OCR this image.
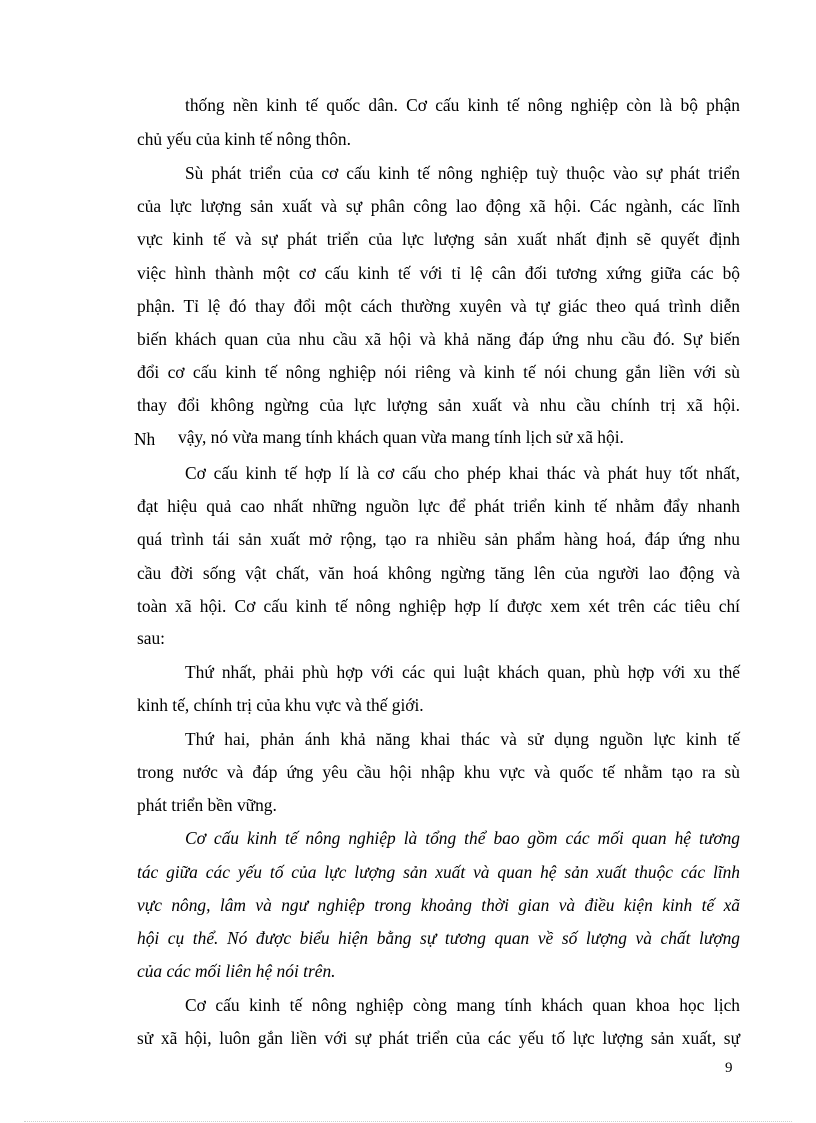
thống nền kinh tế quốc dân. Cơ cấu kinh tế nông nghiệp còn là bộ phận
chủ yếu của kinh tế nông thôn.
Sù phát triển của cơ cấu kinh tế nông nghiệp tuỳ thuộc vào sự phát triển
của lực lượng sản xuất và sự phân công lao động xã hội. Các ngành, các lĩnh
vực kinh tế và sự phát triển của lực lượng sản xuất nhất định sẽ quyết định
việc hình thành một cơ cấu kinh tế với tỉ lệ cân đối tương xứng giữa các bộ
phận. Tỉ lệ đó thay đổi một cách thường xuyên và tự giác theo quá trình diễn
biến khách quan của nhu cầu xã hội và khả năng đáp ứng nhu cầu đó. Sự biến
đổi cơ cấu kinh tế nông nghiệp nói riêng và kinh tế nói chung gắn liền với sù
thay đổi không ngừng của lực lượng sản xuất và nhu cầu chính trị xã hội.
Nh vậy, nó vừa mang tính khách quan vừa mang tính lịch sử xã hội.
Cơ cấu kinh tế hợp lí là cơ cấu cho phép khai thác và phát huy tốt nhất,
đạt hiệu quả cao nhất những nguồn lực để phát triển kinh tế nhằm đẩy nhanh
quá trình tái sản xuất mở rộng, tạo ra nhiều sản phẩm hàng hoá, đáp ứng nhu
cầu đời sống vật chất, văn hoá không ngừng tăng lên của người lao động và
toàn xã hội. Cơ cấu kinh tế nông nghiệp hợp lí được xem xét trên các tiêu chí
sau:
Thứ nhất, phải phù hợp với các qui luật khách quan, phù hợp với xu thế
kinh tế, chính trị của khu vực và thế giới.
Thứ hai, phản ánh khả năng khai thác và sử dụng nguồn lực kinh tế
trong nước và đáp ứng yêu cầu hội nhập khu vực và quốc tế nhằm tạo ra sù
phát triển bền vững.
Cơ cấu kinh tế nông nghiệp là tổng thể bao gồm các mối quan hệ tương
tác giữa các yếu tố của lực lượng sản xuất và quan hệ sản xuất thuộc các lĩnh
vực nông, lâm và ngư nghiệp trong khoảng thời gian và điều kiện kinh tế xã
hội cụ thể. Nó được biểu hiện bằng sự tương quan về số lượng và chất lượng
của các mối liên hệ nói trên.
Cơ cấu kinh tế nông nghiệp còng mang tính khách quan khoa học lịch
sử xã hội, luôn gắn liền với sự phát triển của các yếu tố lực lượng sản xuất, sự
9
